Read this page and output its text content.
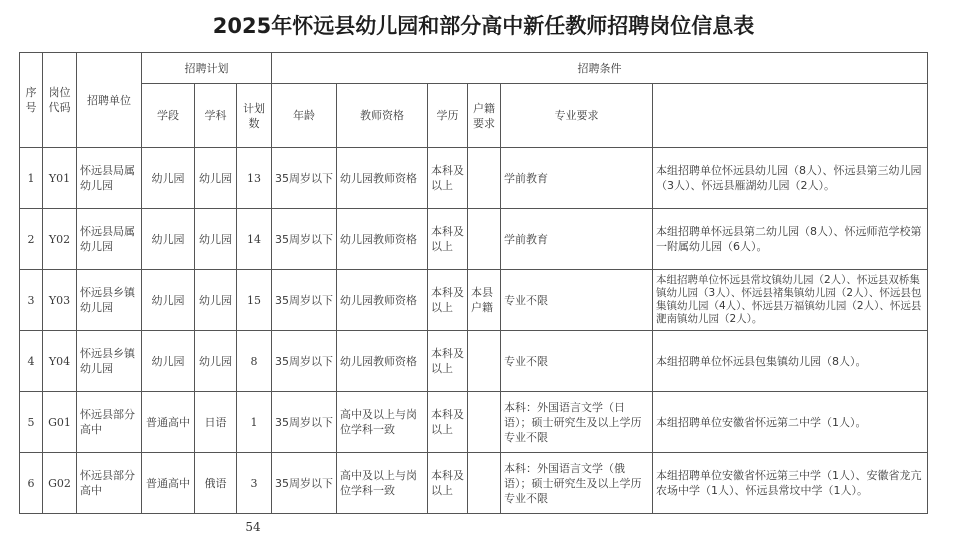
2025年怀远县幼儿园和部分高中新任教师招聘岗位信息表
序号	岗位代码	招聘单位	招聘计划			招聘条件	
			学段	学科	计划数	年龄	教师资格	学历	户籍要求	专业要求		
1	Y01	怀远县局属幼儿园	幼儿园	幼儿园	13	35周岁以下	幼儿园教师资格	本科及以上		学前教育	本组招聘单位怀远县幼儿园（8人）、怀远县第三幼儿园（3人）、怀远县雁湖幼儿园（2人）。	
2	Y02	怀远县局属幼儿园	幼儿园	幼儿园	14	35周岁以下	幼儿园教师资格	本科及以上		学前教育	本组招聘单怀远县第二幼儿园（8人）、怀远师范学校第一附属幼儿园（6人）。	
3	Y03	怀远县乡镇幼儿园	幼儿园	幼儿园	15	35周岁以下	幼儿园教师资格	本科及以上	本县户籍	专业不限	本组招聘单位怀远县常坟镇幼儿园（2人）、怀远县双桥集镇幼儿园（3人）、怀远县褚集镇幼儿园（2人）、怀远县包集镇幼儿园（4人）、怀远县万福镇幼儿园（2人）、怀远县淝南镇幼儿园（2人）。	
4	Y04	怀远县乡镇幼儿园	幼儿园	幼儿园	8	35周岁以下	幼儿园教师资格	本科及以上		专业不限	本组招聘单位怀远县包集镇幼儿园（8人）。	
5	G01	怀远县部分高中	普通高中	日语	1	35周岁以下	高中及以上与岗位学科一致	本科及以上		本科：外国语言文学（日语）；硕士研究生及以上学历专业不限	本组招聘单位安徽省怀远第二中学（1人）。	
6	G02	怀远县部分高中	普通高中	俄语	3	35周岁以下	高中及以上与岗位学科一致	本科及以上		本科：外国语言文学（俄语）；硕士研究生及以上学历专业不限	本组招聘单位安徽省怀远第三中学（1人）、安徽省龙亢农场中学（1人）、怀远县常坟中学（1人）。	
54
